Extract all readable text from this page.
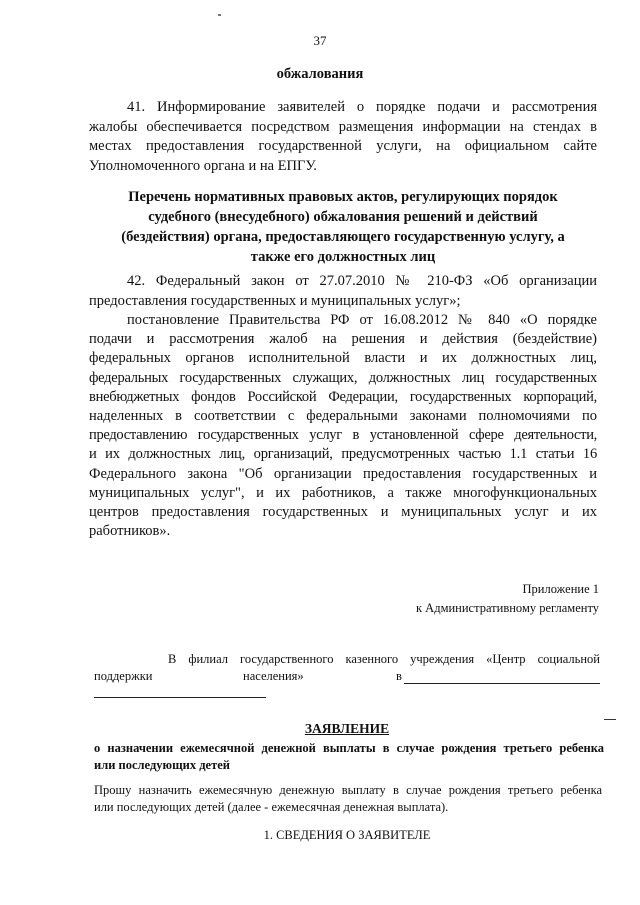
37
обжалования
41. Информирование заявителей о порядке подачи и рассмотрения
жалобы обеспечивается посредством размещения информации на стендах в
местах предоставления государственной услуги, на официальном сайте
Уполномоченного органа и на ЕПГУ.
Перечень нормативных правовых актов, регулирующих порядок
судебного (внесудебного) обжалования решений и действий
(бездействия) органа, предоставляющего государственную услугу, а
также его должностных лиц
42. Федеральный закон от 27.07.2010 № 210-ФЗ «Об организации
предоставления государственных и муниципальных услуг»;
постановление Правительства РФ от 16.08.2012 № 840 «О порядке
подачи и рассмотрения жалоб на решения и действия (бездействие)
федеральных органов исполнительной власти и их должностных лиц,
федеральных государственных служащих, должностных лиц государственных
внебюджетных фондов Российской Федерации, государственных корпораций,
наделенных в соответствии с федеральными законами полномочиями по
предоставлению государственных услуг в установленной сфере деятельности,
и их должностных лиц, организаций, предусмотренных частью 1.1 статьи 16
Федерального закона "Об организации предоставления государственных и
муниципальных услуг", и их работников, а также многофункциональных
центров предоставления государственных и муниципальных услуг и их
работников».
Приложение 1
к Административному регламенту
В филиал государственного казенного учреждения «Центр социальной
поддержки	населения»	в
ЗАЯВЛЕНИЕ
о назначении ежемесячной денежной выплаты в случае рождения третьего ребенка
или последующих детей
Прошу назначить ежемесячную денежную выплату в случае рождения третьего ребенка
или последующих детей (далее - ежемесячная денежная выплата).
1. СВЕДЕНИЯ О ЗАЯВИТЕЛЕ
